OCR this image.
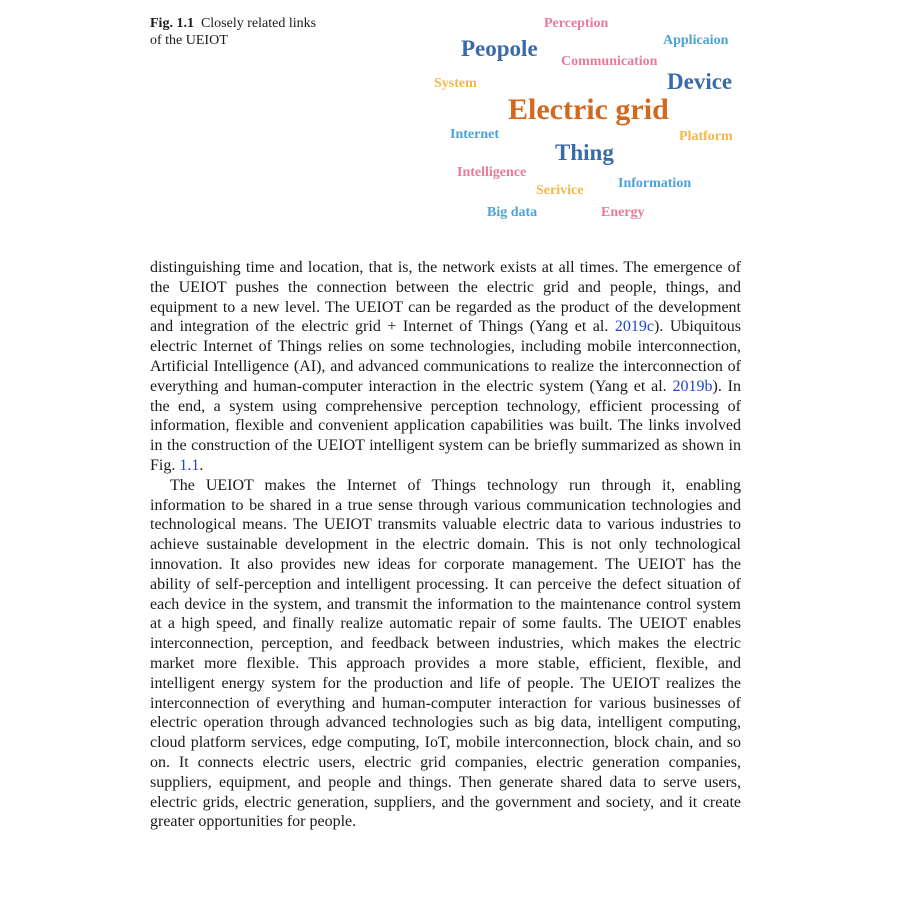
Fig. 1.1 Closely related links of the UEIOT
Perception
Peopole	Applicaion
Communication
Device
System
Electric grid
Internet	Platform
Thing
Intelligence
Serivice Information
Big data	Energy

distinguishing time and location, that is, the network exists at all times. The emergence of the UEIOT pushes the connection between the electric grid and people, things, and equipment to a new level. The UEIOT can be regarded as the product of the development and integration of the electric grid + Internet of Things (Yang et al. 2019c). Ubiquitous electric Internet of Things relies on some technologies, including mobile interconnection, Artificial Intelligence (AI), and advanced communications to realize the interconnection of everything and human-computer interaction in the electric system (Yang et al. 2019b). In the end, a system using comprehensive perception technology, efficient processing of information, flexible and convenient application capabilities was built. The links involved in the construction of the UEIOT intelligent system can be briefly summarized as shown in Fig. 1.1.

The UEIOT makes the Internet of Things technology run through it, enabling information to be shared in a true sense through various communication technologies and technological means. The UEIOT transmits valuable electric data to various industries to achieve sustainable development in the electric domain. This is not only technological innovation. It also provides new ideas for corporate management. The UEIOT has the ability of self-perception and intelligent processing. It can perceive the defect situation of each device in the system, and transmit the information to the maintenance control system at a high speed, and finally realize automatic repair of some faults. The UEIOT enables interconnection, perception, and feedback between industries, which makes the electric market more flexible. This approach provides a more stable, efficient, flexible, and intelligent energy system for the production and life of people. The UEIOT realizes the interconnection of everything and human-computer interaction for various businesses of electric operation through advanced technologies such as big data, intelligent computing, cloud platform services, edge computing, IoT, mobile interconnection, block chain, and so on. It connects electric users, electric grid companies, electric generation companies, suppliers, equipment, and people and things. Then generate shared data to serve users, electric grids, electric generation, suppliers, and the government and society, and it create greater opportunities for people.
